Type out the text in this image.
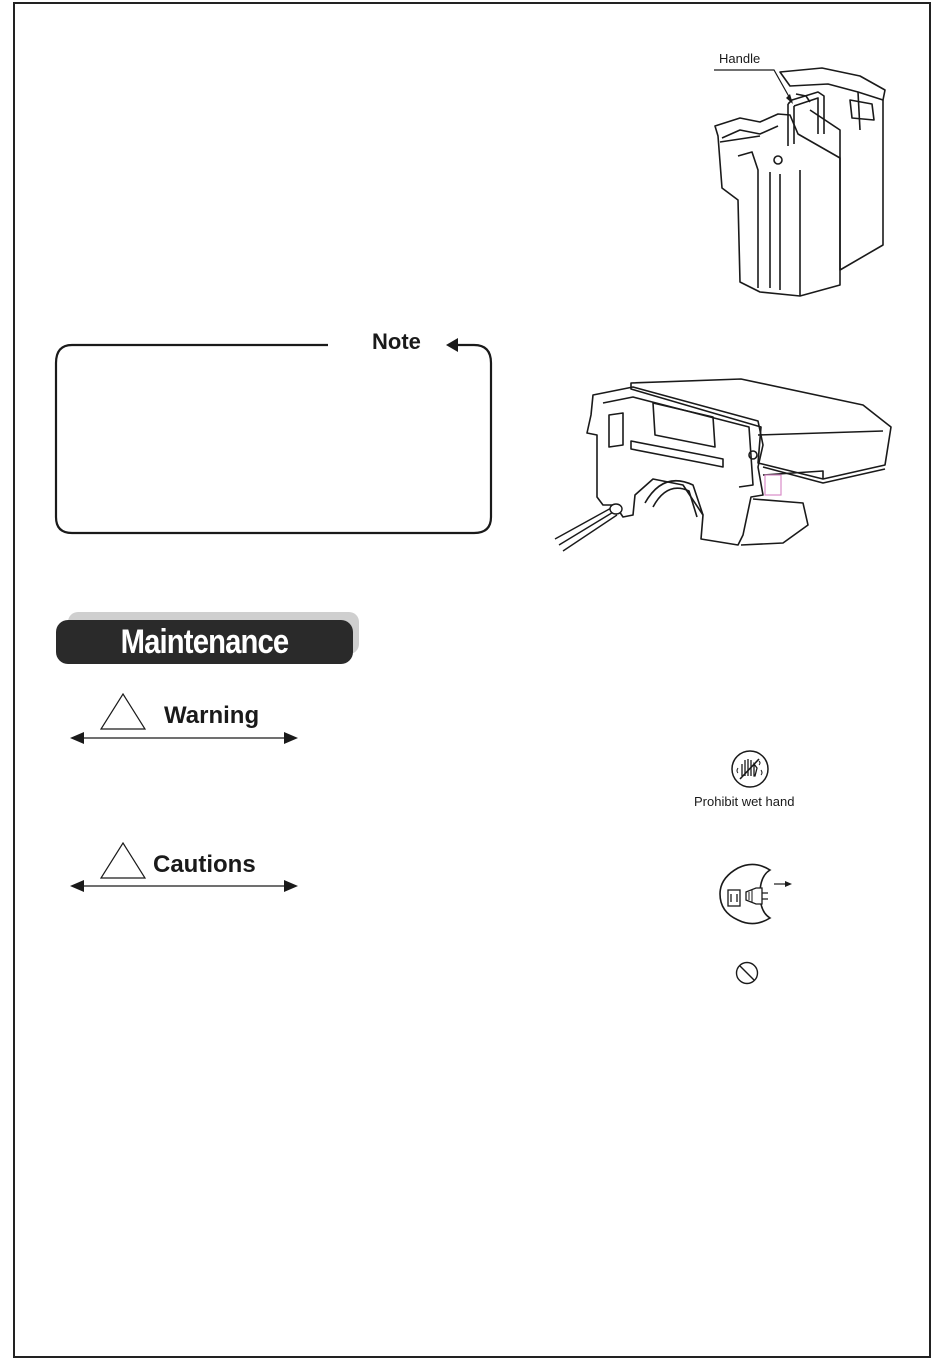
Handle
Note
Maintenance
Warning
Prohibit wet hand
Cautions
